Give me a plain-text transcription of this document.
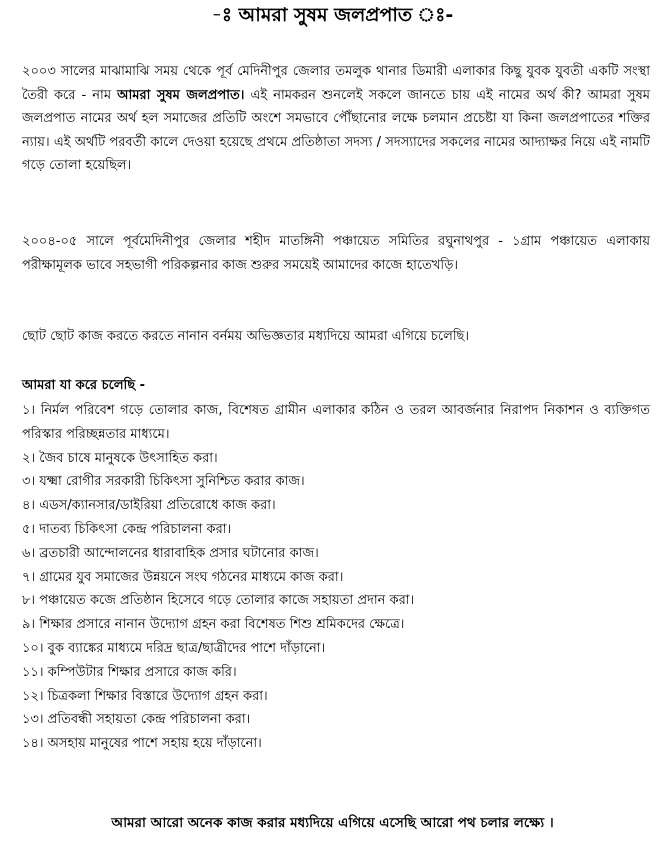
-ঃ আমরা সুষম জলপ্রপাত ঃ-

২০০৩ সালের মাঝামাঝি সময় থেকে পূর্ব মেদিনীপুর জেলার তমলুক থানার ডিমারী এলাকার কিছু যুবক যুবতী একটি সংস্থা তৈরী করে - নাম আমরা সুষম জলপ্রপাত। এই নামকরন শুনলেই সকলে জানতে চায় এই নামের অর্থ কী? আমরা সুষম জলপ্রপাত নামের অর্থ হল সমাজের প্রতিটি অংশে সমভাবে পৌঁছানোর লক্ষে চলমান প্রচেষ্টা যা কিনা জলপ্রপাতের শক্তির ন্যায়। এই অর্থটি পরবর্তী কালে দেওয়া হয়েছে প্রথমে প্রতিষ্ঠাতা সদস্য / সদস্যাদের সকলের নামের আদ্যাক্ষর নিয়ে এই নামটি গড়ে তোলা হয়েছিল।

২০০৪-০৫ সালে পূর্বমেদিনীপুর জেলার শহীদ মাতঙ্গিনী পঞ্চায়েত সমিতির রঘুনাথপুর - ১গ্রাম পঞ্চায়েত এলাকায় পরীক্ষামূলক ভাবে সহভাগী পরিকল্পনার কাজ শুরুর সময়েই আমাদের কাজে হাতেখড়ি।

ছোট ছোট কাজ করতে করতে নানান বর্নময় অভিজ্ঞতার মধ্যদিয়ে আমরা এগিয়ে চলেছি।

আমরা যা করে চলেছি -
১। নির্মল পরিবেশ গড়ে তোলার কাজ, বিশেষত গ্রামীন এলাকার কঠিন ও তরল আবর্জনার নিরাপদ নিকাশন ও ব্যক্তিগত পরিস্কার পরিচ্ছন্নতার মাধ্যমে।
২। জৈব চাষে মানুষকে উৎসাহিত করা।
৩। যক্ষ্মা রোগীর সরকারী চিকিৎসা সুনিশ্চিত করার কাজ।
৪। এডস/ক্যানসার/ডাইরিয়া প্রতিরোধে কাজ করা।
৫। দাতব্য চিকিৎসা কেন্দ্র পরিচালনা করা।
৬। ব্রতচারী আন্দোলনের ধারাবাহিক প্রসার ঘটানোর কাজ।
৭। গ্রামের যুব সমাজের উন্নয়নে সংঘ গঠনের মাধ্যমে কাজ করা।
৮। পঞ্চায়েত কজে প্রতিষ্ঠান হিসেবে গড়ে তোলার কাজে সহায়তা প্রদান করা।
৯। শিক্ষার প্রসারে নানান উদ্যোগ গ্রহন করা বিশেষত শিশু শ্রমিকদের ক্ষেত্রে।
১০। বুক ব্যাঙ্কের মাধ্যমে দরিদ্র ছাত্র/ছাত্রীদের পাশে দাঁড়ানো।
১১। কম্পিউটার শিক্ষার প্রসারে কাজ করি।
১২। চিত্রকলা শিক্ষার বিস্তারে উদ্যোগ গ্রহন করা।
১৩। প্রতিবন্ধী সহায়তা কেন্দ্র পরিচালনা করা।
১৪। অসহায় মানুষের পাশে সহায় হয়ে দাঁড়ানো।
আমরা আরো অনেক কাজ করার মধ্যদিয়ে এগিয়ে এসেছি আরো পথ চলার লক্ষ্যে ।
